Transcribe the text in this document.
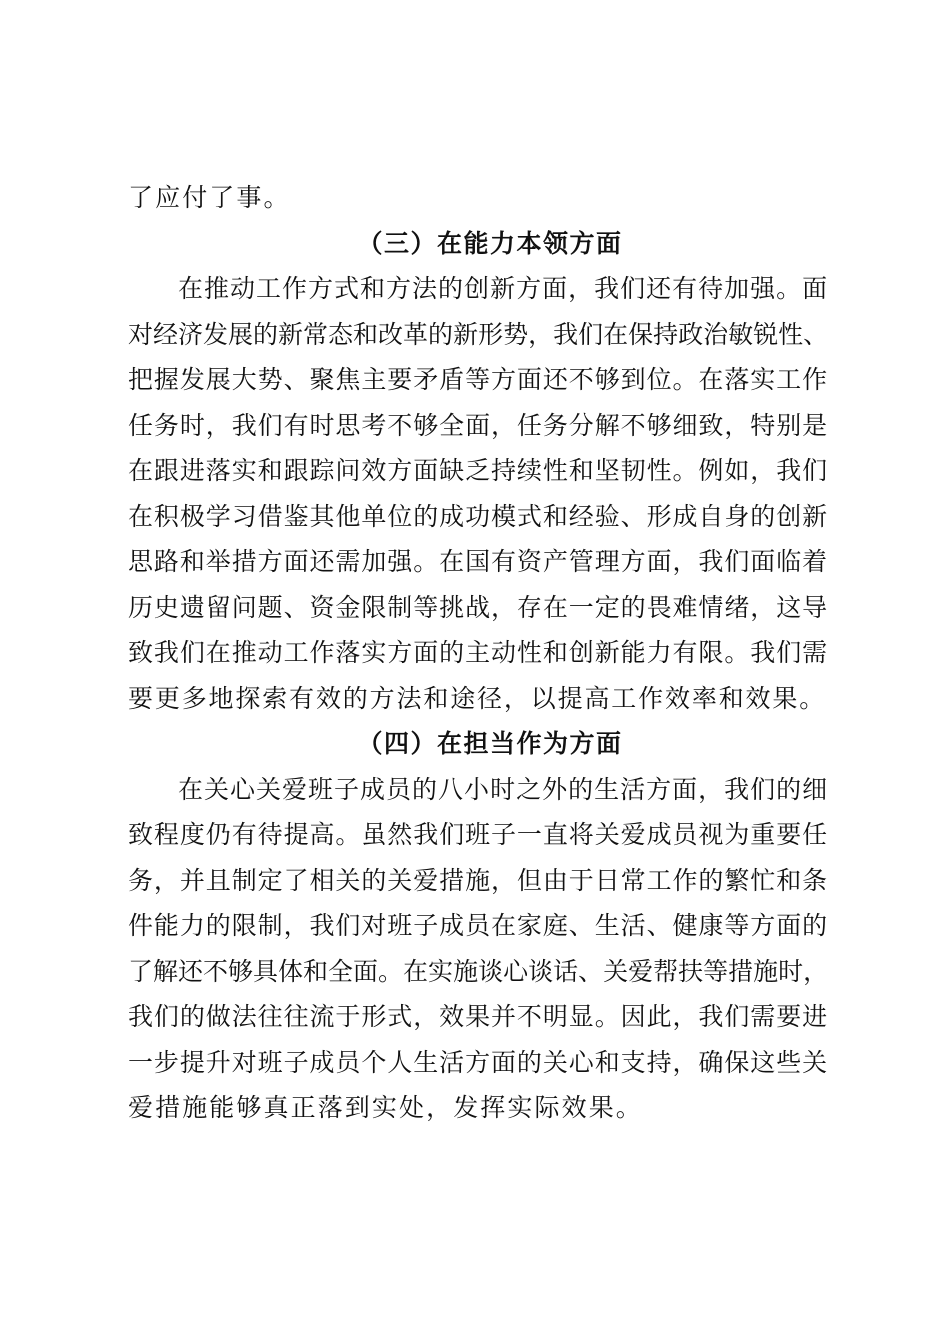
了应付了事。
（三）在能力本领方面
在推动工作方式和方法的创新方面，我们还有待加强。面
对经济发展的新常态和改革的新形势，我们在保持政治敏锐性、
把握发展大势、聚焦主要矛盾等方面还不够到位。在落实工作
任务时，我们有时思考不够全面，任务分解不够细致，特别是
在跟进落实和跟踪问效方面缺乏持续性和坚韧性。例如，我们
在积极学习借鉴其他单位的成功模式和经验、形成自身的创新
思路和举措方面还需加强。在国有资产管理方面，我们面临着
历史遗留问题、资金限制等挑战，存在一定的畏难情绪，这导
致我们在推动工作落实方面的主动性和创新能力有限。我们需
要更多地探索有效的方法和途径，以提高工作效率和效果。
（四）在担当作为方面
在关心关爱班子成员的八小时之外的生活方面，我们的细
致程度仍有待提高。虽然我们班子一直将关爱成员视为重要任
务，并且制定了相关的关爱措施，但由于日常工作的繁忙和条
件能力的限制，我们对班子成员在家庭、生活、健康等方面的
了解还不够具体和全面。在实施谈心谈话、关爱帮扶等措施时，
我们的做法往往流于形式，效果并不明显。因此，我们需要进
一步提升对班子成员个人生活方面的关心和支持，确保这些关
爱措施能够真正落到实处，发挥实际效果。
